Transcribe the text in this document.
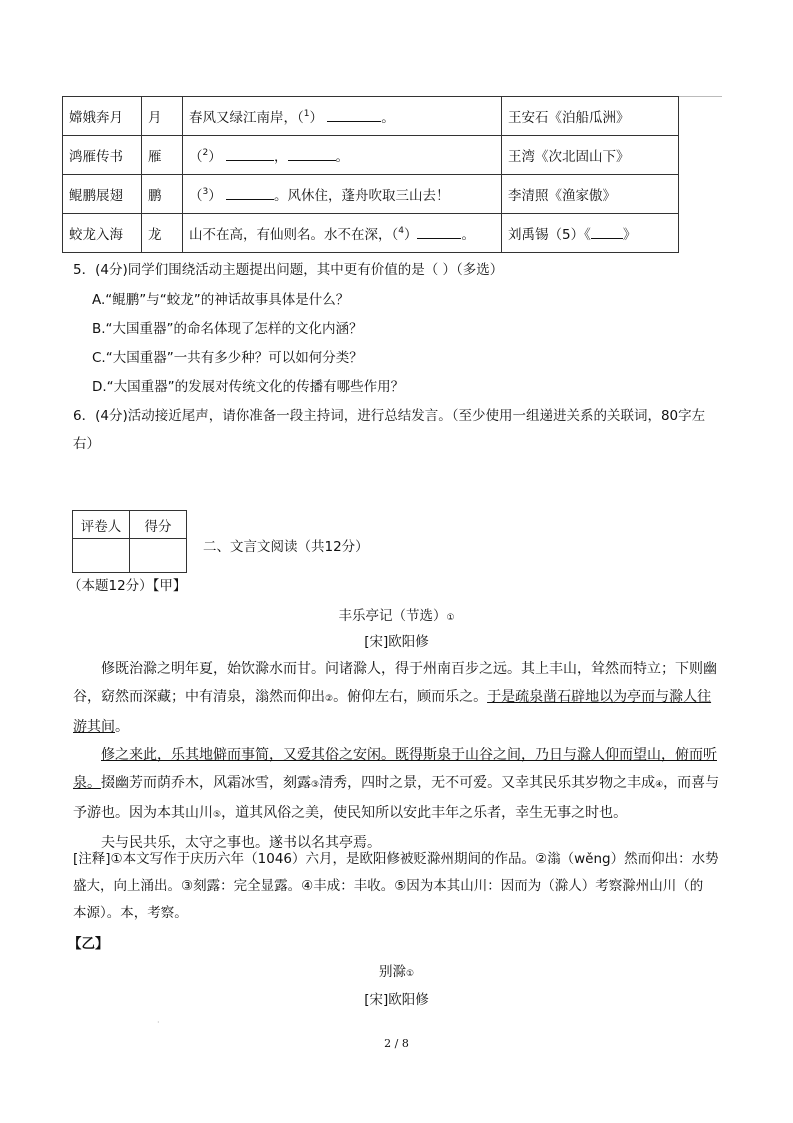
嫦娥奔月	月	春风又绿江南岸，（$^1$） 。	王安石《泊船瓜洲》
鸿雁传书	雁	（$^2$） ， 。	王湾《次北固山下》
鲲鹏展翅	鹏	（$^3$） 。风休住，蓬舟吹取三山去！	李清照《渔家傲》
蛟龙入海	龙	山不在高，有仙则名。水不在深，（$^4$） 。	刘禹锡（5）《 》
5．(4分)同学们围绕活动主题提出问题，其中更有价值的是（ ）（多选）
A.“鲲鹏”与“蛟龙”的神话故事具体是什么？
B.“大国重器”的命名体现了怎样的文化内涵？
C.“大国重器”一共有多少种？可以如何分类？
D.“大国重器”的发展对传统文化的传播有哪些作用？
6．(4分)活动接近尾声，请你准备一段主持词，进行总结发言。（至少使用一组递进关系的关联词，80字左
右）
评卷人	得分

二、文言文阅读（共12分）
（本题12分）【甲】
丰乐亭记（节选）①
[宋]欧阳修

修既治滁之明年夏，始饮滁水而甘。问诸滁人，得于州南百步之远。其上丰山，耸然而特立；下则幽谷，窈然而深藏；中有清泉，滃然而仰出②。俯仰左右，顾而乐之。于是疏泉凿石辟地以为亭而与滁人往游其间。

修之来此，乐其地僻而事简，又爱其俗之安闲。既得斯泉于山谷之间，乃日与滁人仰而望山，俯而听泉。掇幽芳而荫乔木，风霜冰雪，刻露③清秀，四时之景，无不可爱。又幸其民乐其岁物之丰成④，而喜与予游也。因为本其山川⑤，道其风俗之美，使民知所以安此丰年之乐者，幸生无事之时也。

夫与民共乐，太守之事也。遂书以名其亭焉。

[注释]①本文写作于庆历六年（1046）六月，是欧阳修被贬滁州期间的作品。②滃（wěng）然而仰出：水势

盛大，向上涌出。③刻露：完全显露。④丰成：丰收。⑤因为本其山川：因而为（滁人）考察滁州山川（的

本源）。本，考察。

【乙】
别滁①
[宋]欧阳修
·
2 / 8
